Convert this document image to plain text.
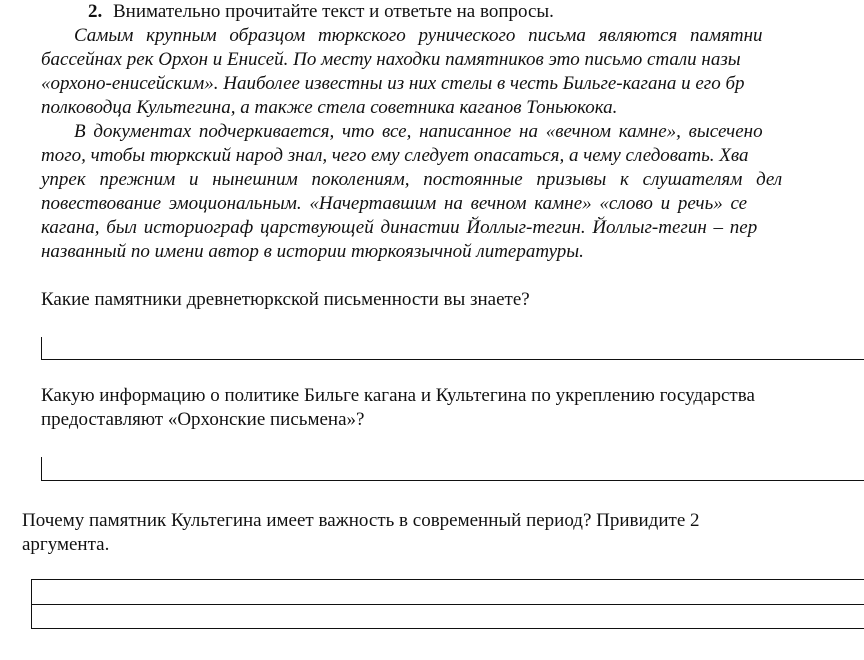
2. Внимательно прочитайте текст и ответьте на вопросы.
Самым крупным образцом тюркского рунического письма являются памятни
бассейнах рек Орхон и Енисей. По месту находки памятников это письмо стали назы
«орхоно-енисейским». Наиболее известны из них стелы в честь Бильге-кагана и его бр
полководца Культегина, а также стела советника каганов Тоньюкока.
В документах подчеркивается, что все, написанное на «вечном камне», высечено
того, чтобы тюркский народ знал, чего ему следует опасаться, а чему следовать. Хва
упрек прежним и нынешним поколениям, постоянные призывы к слушателям дел
повествование эмоциональным. «Начертавшим на вечном камне» «слово и речь» се
кагана, был историограф царствующей династии Йоллыг-тегин. Йоллыг-тегин – пер
названный по имени автор в истории тюркоязычной литературы.
Какие памятники древнетюркской письменности вы знаете?
Какую информацию о политике Бильге кагана и Культегина по укреплению государства
предоставляют «Орхонские письмена»?
Почему памятник Культегина имеет важность в современный период? Привидите 2
аргумента.
